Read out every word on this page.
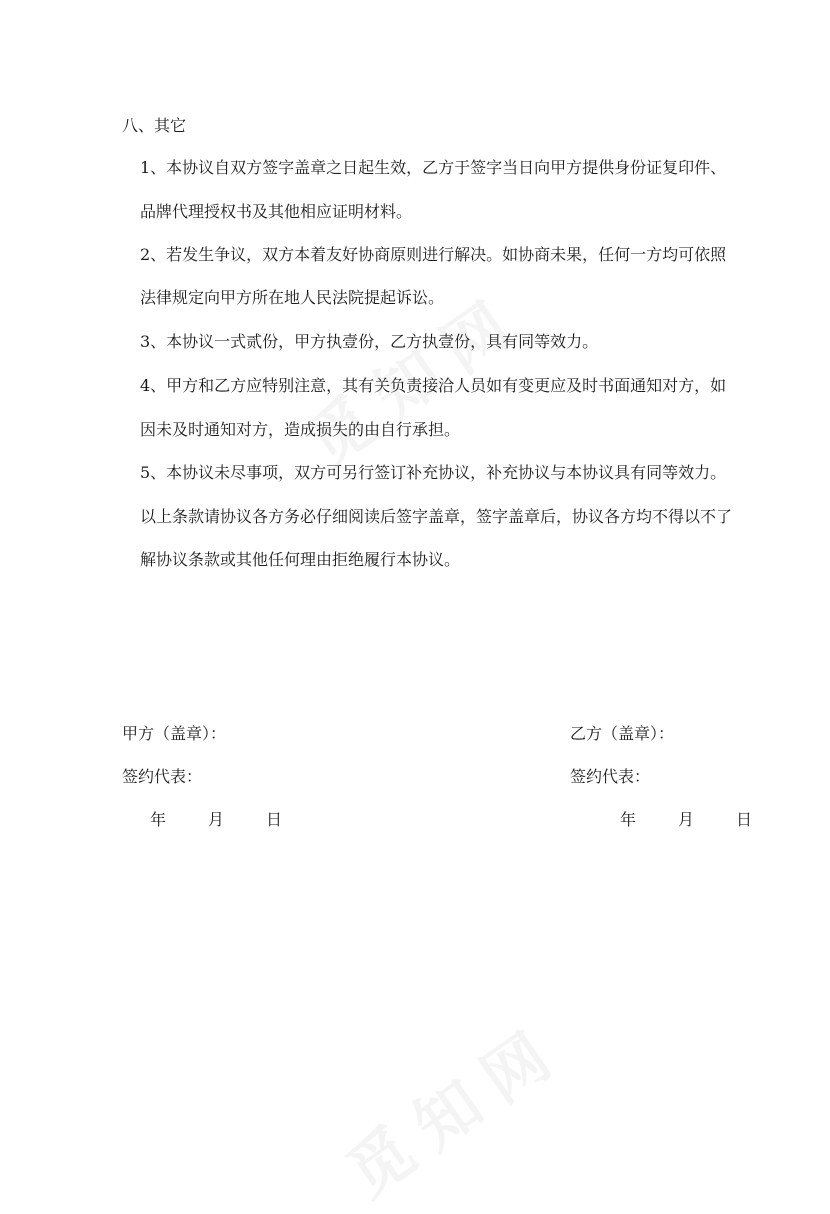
八、其它
1、本协议自双方签字盖章之日起生效，乙方于签字当日向甲方提供身份证复印件、
品牌代理授权书及其他相应证明材料。
2、若发生争议，双方本着友好协商原则进行解决。如协商未果，任何一方均可依照
法律规定向甲方所在地人民法院提起诉讼。
3、本协议一式贰份，甲方执壹份，乙方执壹份，具有同等效力。
4、甲方和乙方应特别注意，其有关负责接洽人员如有变更应及时书面通知对方，如
因未及时通知对方，造成损失的由自行承担。
5、本协议未尽事项，双方可另行签订补充协议，补充协议与本协议具有同等效力。
以上条款请协议各方务必仔细阅读后签字盖章，签字盖章后，协议各方均不得以不了
解协议条款或其他任何理由拒绝履行本协议。
甲方（盖章）：
签约代表：
年	月	日
乙方（盖章）：
签约代表：
年	月	日
